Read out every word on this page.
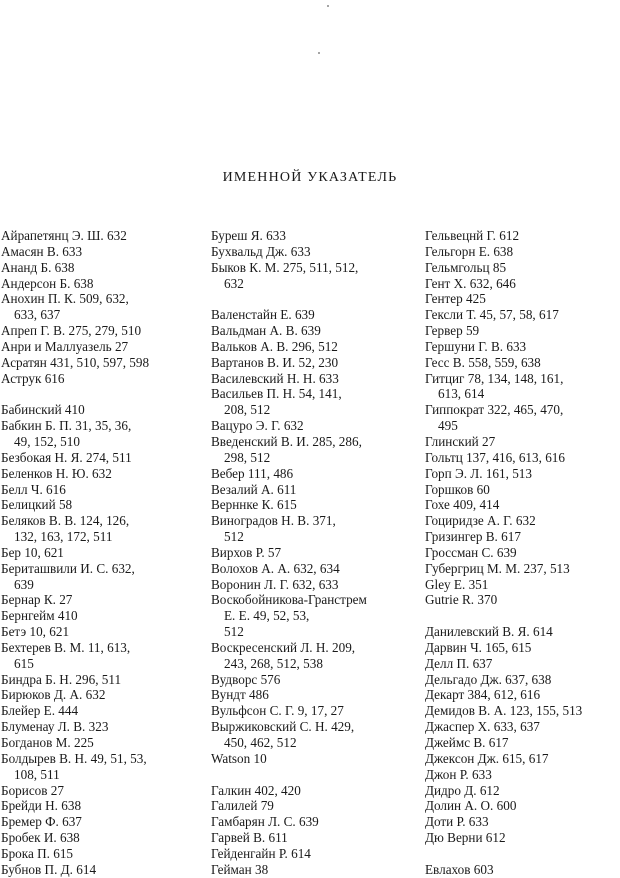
ИМЕННОЙ УКАЗАТЕЛЬ
Айрапетянц Э. Ш. 632
Амасян В. 633
Ананд Б. 638
Андерсон Б. 638
Анохин П. К. 509, 632,
633, 637
Апреп Г. В. 275, 279, 510
Анри и Маллуазель 27
Асратян 431, 510, 597, 598
Аструк 616
Бабинский 410
Бабкин Б. П. 31, 35, 36,
49, 152, 510
Безбокая Н. Я. 274, 511
Беленков Н. Ю. 632
Белл Ч. 616
Белицкий 58
Беляков В. В. 124, 126,
132, 163, 172, 511
Бер 10, 621
Бериташвили И. С. 632,
639
Бернар К. 27
Бернгейм 410
Бетэ 10, 621
Бехтерев В. М. 11, 613,
615
Биндра Б. Н. 296, 511
Бирюков Д. А. 632
Блейер Е. 444
Блуменау Л. В. 323
Богданов М. 225
Болдырев В. Н. 49, 51, 53,
108, 511
Борисов 27
Брейди Н. 638
Бремер Ф. 637
Бробек И. 638
Брока П. 615
Бубнов П. Д. 614
Буреш Я. 633
Бухвальд Дж. 633
Быков К. М. 275, 511, 512,
632
Валенстайн Е. 639
Вальдман А. В. 639
Вальков А. В. 296, 512
Вартанов В. И. 52, 230
Василевский Н. Н. 633
Васильев П. Н. 54, 141,
208, 512
Вацуро Э. Г. 632
Введенский В. И. 285, 286,
298, 512
Вебер 111, 486
Везалий А. 611
Верннке К. 615
Виноградов Н. В. 371,
512
Вирхов Р. 57
Волохов А. А. 632, 634
Воронин Л. Г. 632, 633
Воскобойникова-Гранстрем
Е. Е. 49, 52, 53,
512
Воскресенский Л. Н. 209,
243, 268, 512, 538
Вудворс 576
Вундт 486
Вульфсон С. Г. 9, 17, 27
Выржиковский С. Н. 429,
450, 462, 512
Watson 10
Галкин 402, 420
Галилей 79
Гамбарян Л. С. 639
Гарвей В. 611
Гейденгайн Р. 614
Гейман 38
Гельвецнй Г. 612
Гельгорн Е. 638
Гельмгольц 85
Гент Х. 632, 646
Гентер 425
Гексли Т. 45, 57, 58, 617
Гервер 59
Гершуни Г. В. 633
Гесс В. 558, 559, 638
Гитциг 78, 134, 148, 161,
613, 614
Гиппократ 322, 465, 470,
495
Глинский 27
Гольтц 137, 416, 613, 616
Горп Э. Л. 161, 513
Горшков 60
Гохе 409, 414
Гоциридзе А. Г. 632
Гризингер В. 617
Гроссман С. 639
Губергриц М. М. 237, 513
Gley E. 351
Gutrie R. 370
Данилевский В. Я. 614
Дарвин Ч. 165, 615
Делл П. 637
Дельгадо Дж. 637, 638
Декарт 384, 612, 616
Демидов В. А. 123, 155, 513
Джаспер Х. 633, 637
Джеймс В. 617
Джексон Дж. 615, 617
Джон Р. 633
Дидро Д. 612
Долин А. О. 600
Доти Р. 633
Дю Верни 612
Евлахов 603
